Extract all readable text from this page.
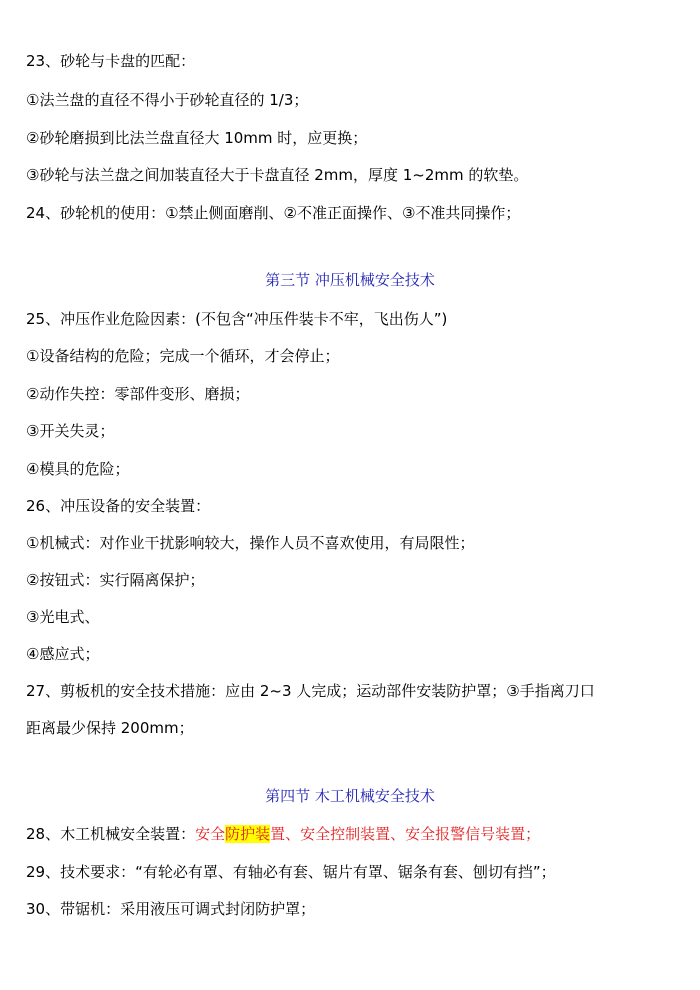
23、砂轮与卡盘的匹配：
①法兰盘的直径不得小于砂轮直径的 1/3；
②砂轮磨损到比法兰盘直径大 10mm 时，应更换；
③砂轮与法兰盘之间加装直径大于卡盘直径 2mm，厚度 1~2mm 的软垫。
24、砂轮机的使用：①禁止侧面磨削、②不准正面操作、③不准共同操作；
第三节 冲压机械安全技术
25、冲压作业危险因素：(不包含“冲压件装卡不牢，飞出伤人”)
①设备结构的危险；完成一个循环，才会停止；
②动作失控：零部件变形、磨损；
③开关失灵；
④模具的危险；
26、冲压设备的安全装置：
①机械式：对作业干扰影响较大，操作人员不喜欢使用，有局限性；
②按钮式：实行隔离保护；
③光电式、
④感应式；
27、剪板机的安全技术措施：应由 2~3 人完成；运动部件安装防护罩；③手指离刀口
距离最少保持 200mm；
第四节 木工机械安全技术
28、木工机械安全装置：安全防护装置、安全控制装置、安全报警信号装置；
29、技术要求：“有轮必有罩、有轴必有套、锯片有罩、锯条有套、刨切有挡”；
30、带锯机：采用液压可调式封闭防护罩；
